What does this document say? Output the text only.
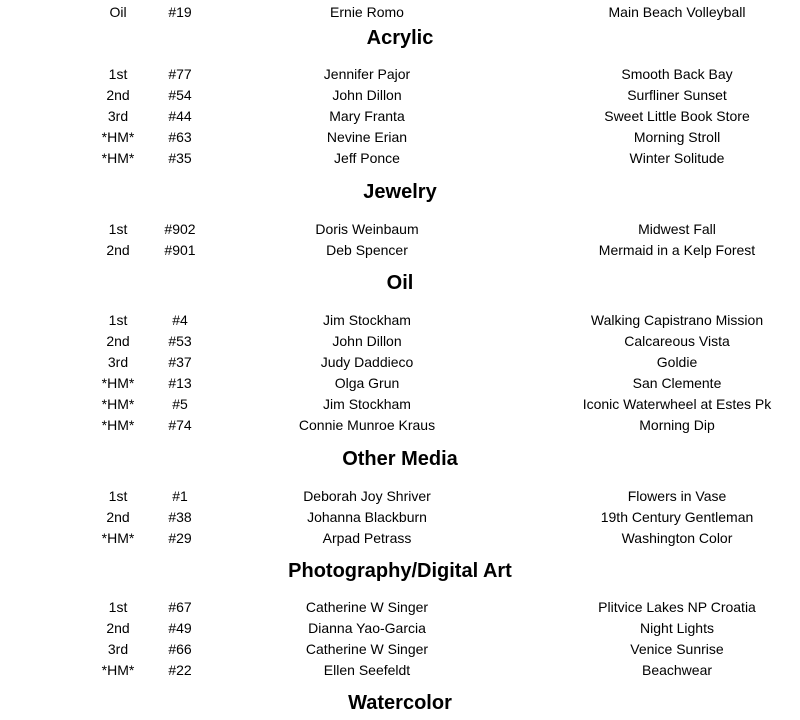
Oil	#19	Ernie Romo	Main Beach Volleyball
Acrylic
1st	#77	Jennifer Pajor	Smooth Back Bay
2nd	#54	John Dillon	Surfliner Sunset
3rd	#44	Mary Franta	Sweet Little Book Store
*HM* #63	Nevine Erian	Morning Stroll
*HM* #35	Jeff Ponce	Winter Solitude
Jewelry
1st	#902	Doris Weinbaum	Midwest Fall
2nd #901	Deb Spencer	Mermaid in a Kelp Forest
Oil
1st	#4	Jim Stockham	Walking Capistrano Mission
2nd	#53	John Dillon	Calcareous Vista
3rd	#37	Judy Daddieco	Goldie
*HM* #13	Olga Grun	San Clemente
*HM*	#5	Jim Stockham	Iconic Waterwheel at Estes Pk
*HM* #74	Connie Munroe Kraus	Morning Dip
Other Media
1st	#1	Deborah Joy Shriver	Flowers in Vase
2nd	#38	Johanna Blackburn	19th Century Gentleman
*HM* #29	Arpad Petrass	Washington Color
Photography/Digital Art
1st	#67	Catherine W Singer	Plitvice Lakes NP Croatia
2nd	#49	Dianna Yao-Garcia	Night Lights
3rd	#66	Catherine W Singer	Venice Sunrise
*HM* #22	Ellen Seefeldt	Beachwear
Watercolor
